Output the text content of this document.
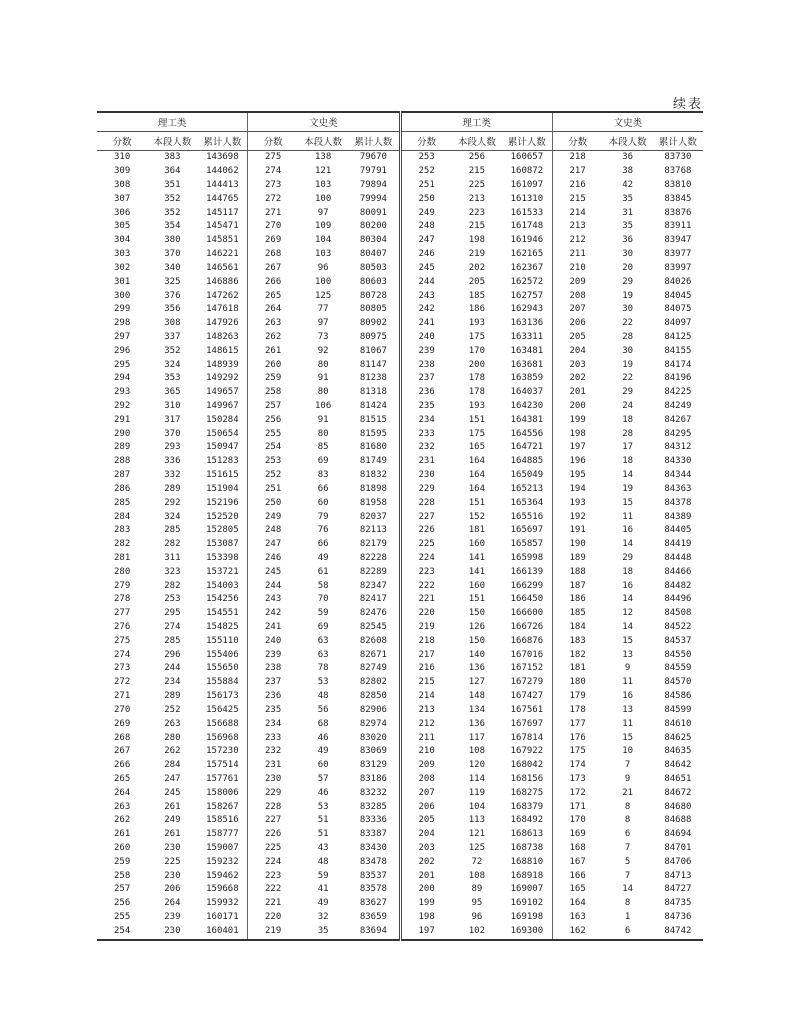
续表
理工类			文史类		
分数	本段人数	累计人数	分数	本段人数	累计人数
310	383	143698	275	138	79670
309	364	144062	274	121	79791
308	351	144413	273	103	79894
307	352	144765	272	100	79994
306	352	145117	271	97	80091
305	354	145471	270	109	80200
304	380	145851	269	104	80304
303	370	146221	268	103	80407
302	340	146561	267	96	80503
301	325	146886	266	100	80603
300	376	147262	265	125	80728
299	356	147618	264	77	80805
298	308	147926	263	97	80902
297	337	148263	262	73	80975
296	352	148615	261	92	81067
295	324	148939	260	80	81147
294	353	149292	259	91	81238
293	365	149657	258	80	81318
292	310	149967	257	106	81424
291	317	150284	256	91	81515
290	370	150654	255	80	81595
289	293	150947	254	85	81680
288	336	151283	253	69	81749
287	332	151615	252	83	81832
286	289	151904	251	66	81898
285	292	152196	250	60	81958
284	324	152520	249	79	82037
283	285	152805	248	76	82113
282	282	153087	247	66	82179
281	311	153398	246	49	82228
280	323	153721	245	61	82289
279	282	154003	244	58	82347
278	253	154256	243	70	82417
277	295	154551	242	59	82476
276	274	154825	241	69	82545
275	285	155110	240	63	82608
274	296	155406	239	63	82671
273	244	155650	238	78	82749
272	234	155884	237	53	82802
271	289	156173	236	48	82850
270	252	156425	235	56	82906
269	263	156688	234	68	82974
268	280	156968	233	46	83020
267	262	157230	232	49	83069
266	284	157514	231	60	83129
265	247	157761	230	57	83186
264	245	158006	229	46	83232
263	261	158267	228	53	83285
262	249	158516	227	51	83336
261	261	158777	226	51	83387
260	230	159007	225	43	83430
259	225	159232	224	48	83478
258	230	159462	223	59	83537
257	206	159668	222	41	83578
256	264	159932	221	49	83627
255	239	160171	220	32	83659
254	230	160401	219	35	83694
理工类			文史类		
分数	本段人数	累计人数	分数	本段人数	累计人数
253	256	160657	218	36	83730
252	215	160872	217	38	83768
251	225	161097	216	42	83810
250	213	161310	215	35	83845
249	223	161533	214	31	83876
248	215	161748	213	35	83911
247	198	161946	212	36	83947
246	219	162165	211	30	83977
245	202	162367	210	20	83997
244	205	162572	209	29	84026
243	185	162757	208	19	84045
242	186	162943	207	30	84075
241	193	163136	206	22	84097
240	175	163311	205	28	84125
239	170	163481	204	30	84155
238	200	163681	203	19	84174
237	178	163859	202	22	84196
236	178	164037	201	29	84225
235	193	164230	200	24	84249
234	151	164381	199	18	84267
233	175	164556	198	28	84295
232	165	164721	197	17	84312
231	164	164885	196	18	84330
230	164	165049	195	14	84344
229	164	165213	194	19	84363
228	151	165364	193	15	84378
227	152	165516	192	11	84389
226	181	165697	191	16	84405
225	160	165857	190	14	84419
224	141	165998	189	29	84448
223	141	166139	188	18	84466
222	160	166299	187	16	84482
221	151	166450	186	14	84496
220	150	166600	185	12	84508
219	126	166726	184	14	84522
218	150	166876	183	15	84537
217	140	167016	182	13	84550
216	136	167152	181	9	84559
215	127	167279	180	11	84570
214	148	167427	179	16	84586
213	134	167561	178	13	84599
212	136	167697	177	11	84610
211	117	167814	176	15	84625
210	108	167922	175	10	84635
209	120	168042	174	7	84642
208	114	168156	173	9	84651
207	119	168275	172	21	84672
206	104	168379	171	8	84680
205	113	168492	170	8	84688
204	121	168613	169	6	84694
203	125	168738	168	7	84701
202	72	168810	167	5	84706
201	108	168918	166	7	84713
200	89	169007	165	14	84727
199	95	169102	164	8	84735
198	96	169198	163	1	84736
197	102	169300	162	6	84742
